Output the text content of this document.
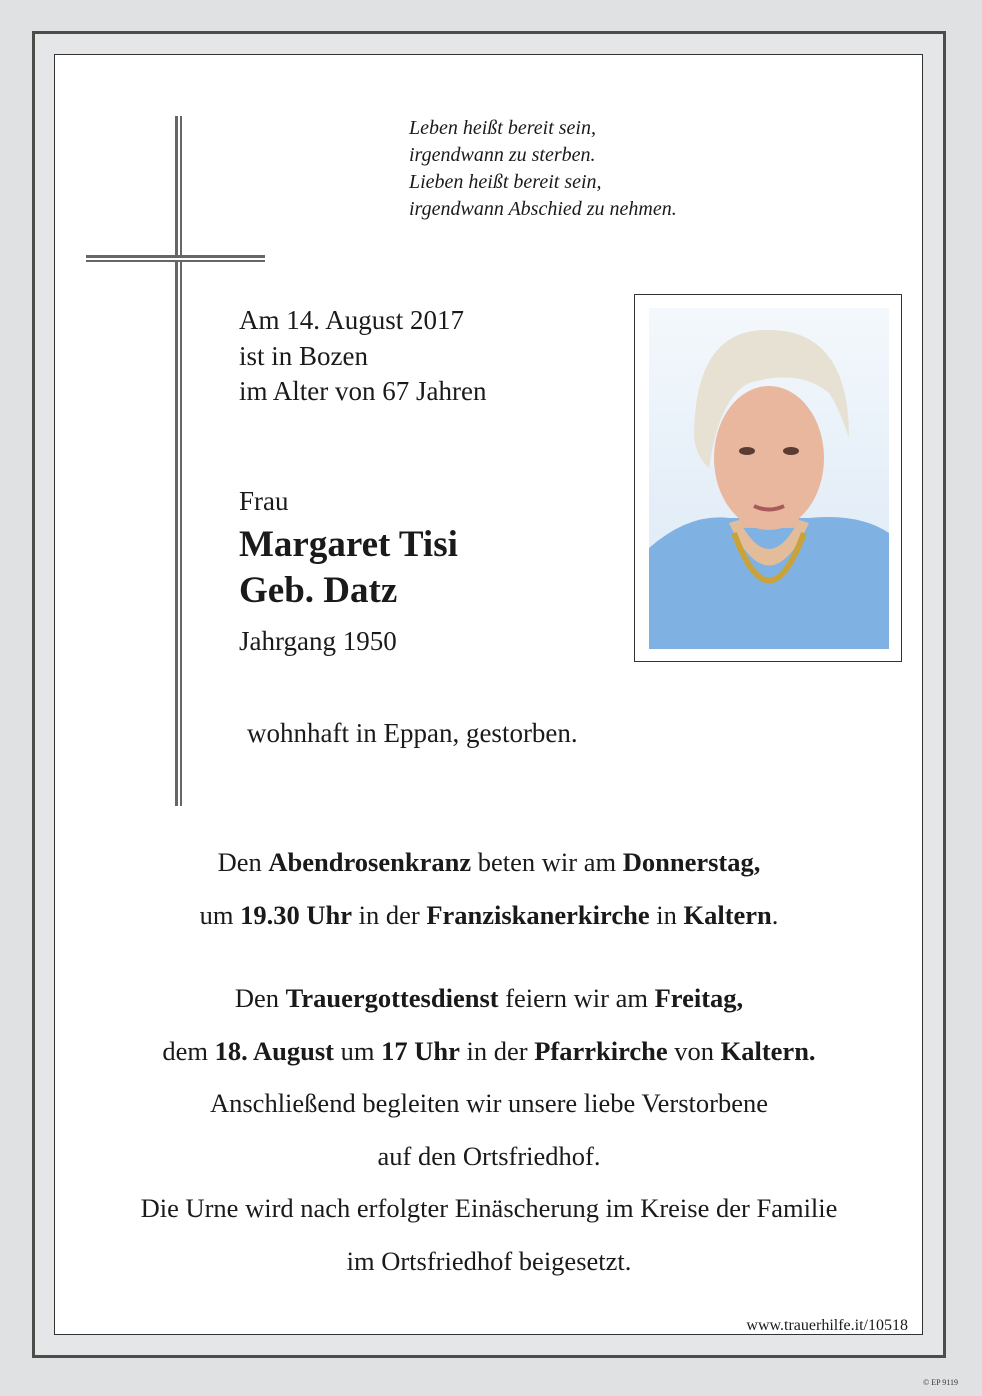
Leben heißt bereit sein,
irgendwann zu sterben.
Lieben heißt bereit sein,
irgendwann Abschied zu nehmen.
Am 14. August 2017
ist in Bozen
im Alter von 67 Jahren
Frau
Margaret Tisi
Geb. Datz
Jahrgang 1950
wohnhaft in Eppan, gestorben.
Den Abendrosenkranz beten wir am Donnerstag,
um 19.30 Uhr in der Franziskanerkirche in Kaltern.
Den Trauergottesdienst feiern wir am Freitag,
dem 18. August um 17 Uhr in der Pfarrkirche von Kaltern.
Anschließend begleiten wir unsere liebe Verstorbene
auf den Ortsfriedhof.
Die Urne wird nach erfolgter Einäscherung im Kreise der Familie
im Ortsfriedhof beigesetzt.
www.trauerhilfe.it/10518
© EP 9119
